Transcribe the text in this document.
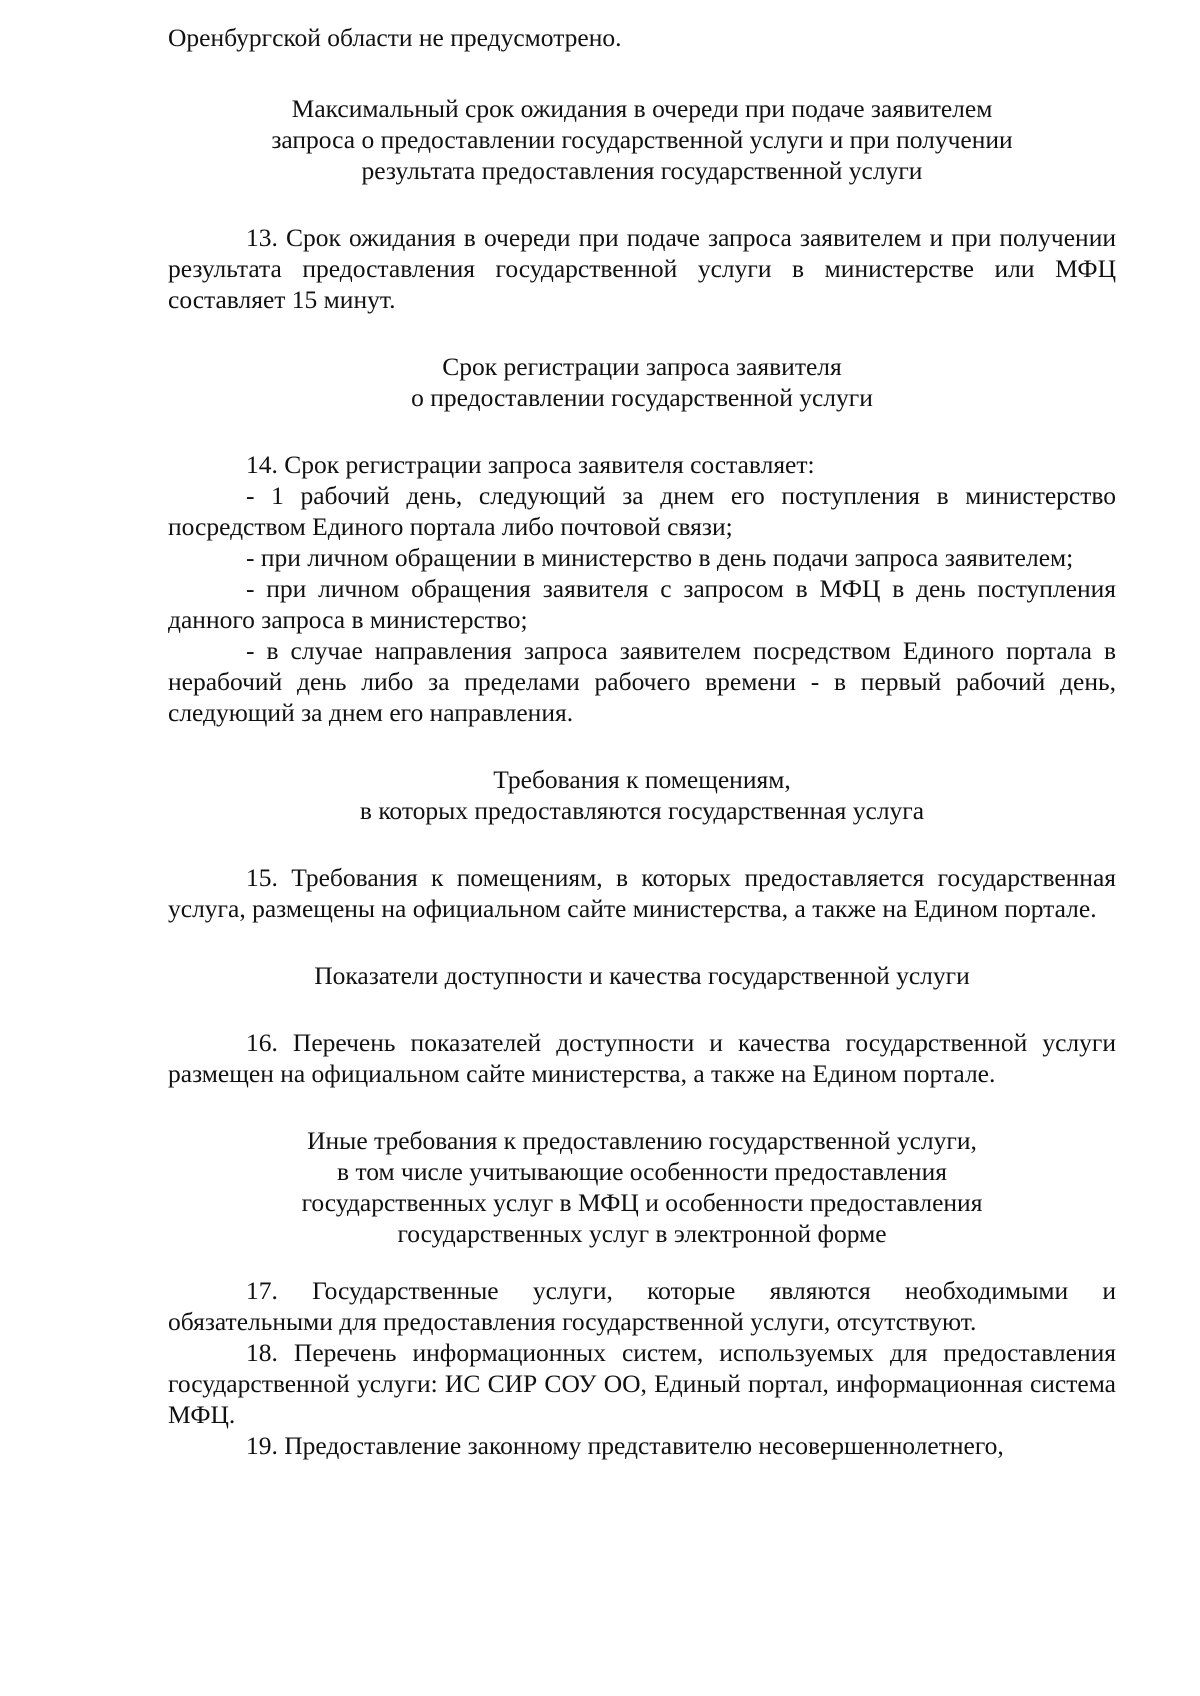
Оренбургской области не предусмотрено.

Максимальный срок ожидания в очереди при подаче заявителем
запроса о предоставлении государственной услуги и при получении
результата предоставления государственной услуги

13. Срок ожидания в очереди при подаче запроса заявителем и при получении результата предоставления государственной услуги в министерстве или МФЦ составляет 15 минут.

Срок регистрации запроса заявителя
о предоставлении государственной услуги

14. Срок регистрации запроса заявителя составляет:

- 1 рабочий день, следующий за днем его поступления в министерство посредством Единого портала либо почтовой связи;

- при личном обращении в министерство в день подачи запроса заявителем;

- при личном обращения заявителя с запросом в МФЦ в день поступления данного запроса в министерство;

- в случае направления запроса заявителем посредством Единого портала в нерабочий день либо за пределами рабочего времени - в первый рабочий день, следующий за днем его направления.

Требования к помещениям,
в которых предоставляются государственная услуга

15. Требования к помещениям, в которых предоставляется государственная услуга, размещены на официальном сайте министерства, а также на Едином портале.

Показатели доступности и качества государственной услуги

16. Перечень показателей доступности и качества государственной услуги размещен на официальном сайте министерства, а также на Едином портале.

Иные требования к предоставлению государственной услуги,
в том числе учитывающие особенности предоставления
государственных услуг в МФЦ и особенности предоставления
государственных услуг в электронной форме

17. Государственные услуги, которые являются необходимыми и обязательными для предоставления государственной услуги, отсутствуют.

18. Перечень информационных систем, используемых для предоставления государственной услуги: ИС СИР СОУ ОО, Единый портал, информационная система МФЦ.

19. Предоставление законному представителю несовершеннолетнего,
